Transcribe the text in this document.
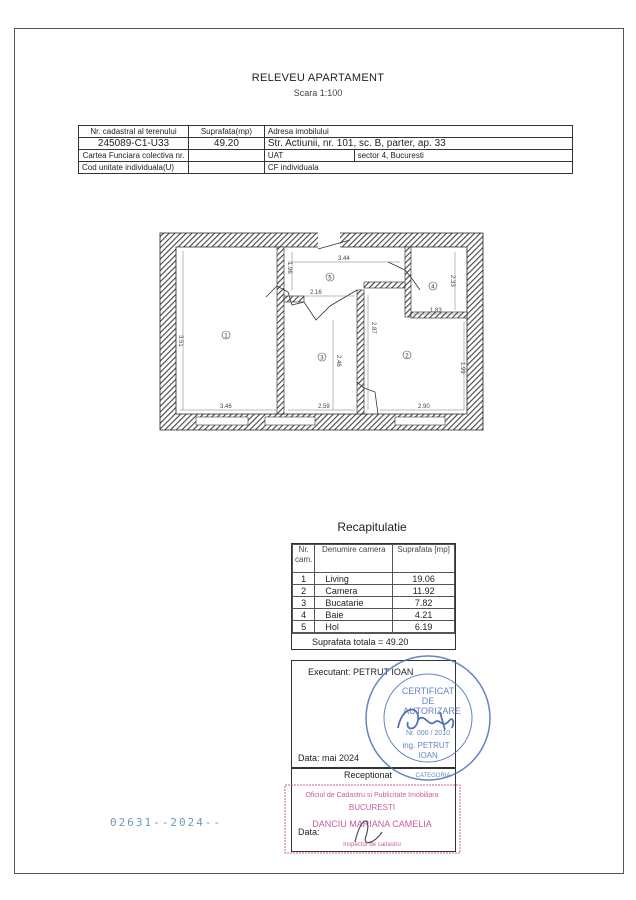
RELEVEU APARTAMENT
Scara 1:100
Nr. cadastral al terenului	Suprafata(mp)	Adresa imobilului	
245089-C1-U33	49.20	Str. Actiunii, nr. 101, sc. B, parter, ap. 33	
Cartea Funciara colectiva nr.		UAT	sector 4, Bucuresti
Cod unitate individuala(U)		CF individuala	
3.51
3.46
3.44
1.96
2.16
2.33
1.83
2.46
2.59
2.87
1.99
2.90
1
2
3
4
5
Recapitulatie
Nr. cam.	Denumire camera	Suprafata [mp]
1	Living	19.06
2	Camera	11.92
3	Bucatarie	7.82
4	Baie	4.21
5	Hol	6.19
Suprafata totala = 49.20
Executant: PETRUT IOAN
Data: mai 2024
Receptionat
Data:
CERTIFICAT
DE
AUTORIZARE
Nr. 000 / 2010
ing. PETRUT
IOAN
CATEGORIA
Oficiul de Cadastru si Publicitate Imobiliara
BUCURESTI
DANCIU MARIANA CAMELIA
Inspector de cadastru
02631--2024--
